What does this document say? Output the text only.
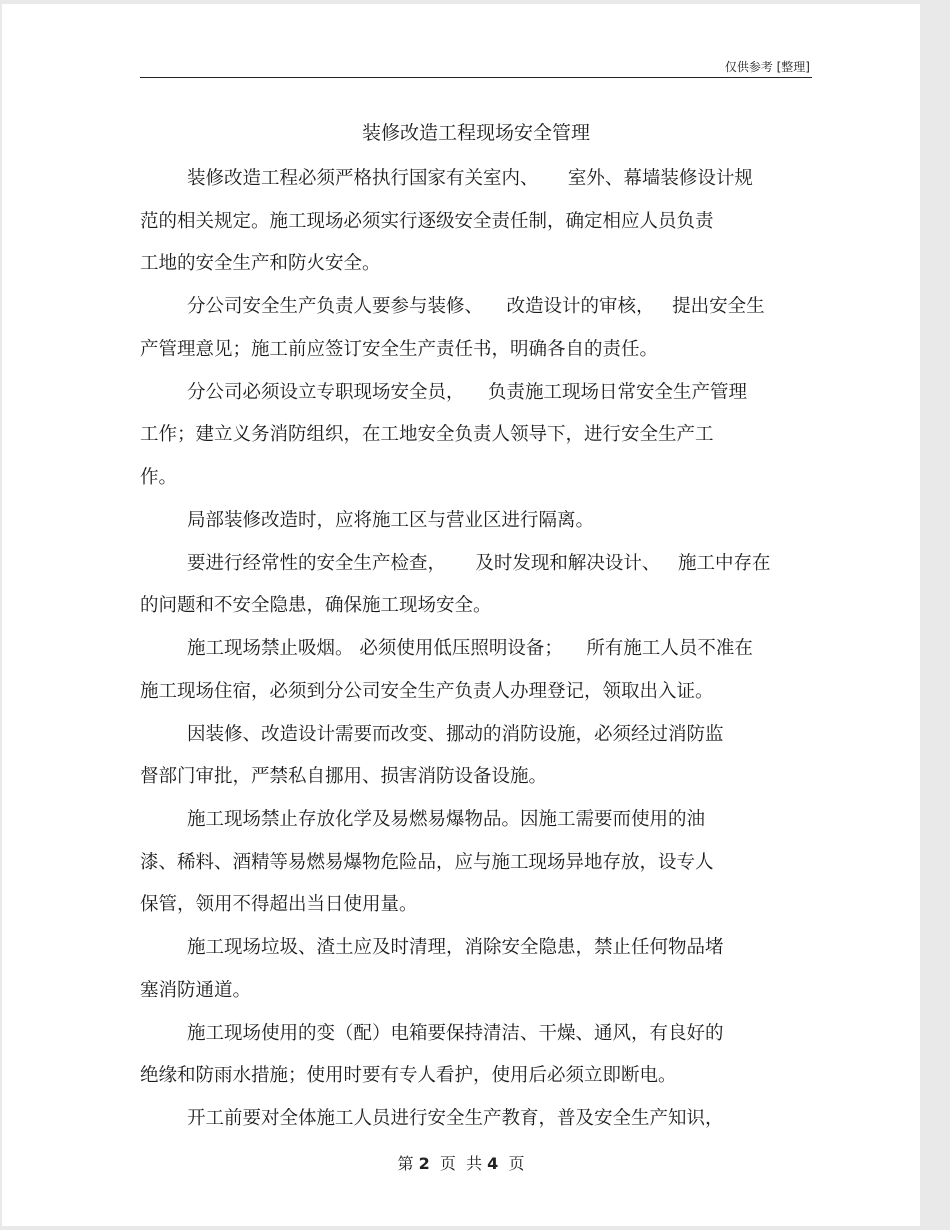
仅供参考 [整理]
装修改造工程现场安全管理
装修改造工程必须严格执行国家有关室内、     室外、幕墙装修设计规
范的相关规定。施工现场必须实行逐级安全责任制，确定相应人员负责
工地的安全生产和防火安全。
分公司安全生产负责人要参与装修、    改造设计的审核，   提出安全生
产管理意见；施工前应签订安全生产责任书，明确各自的责任。
分公司必须设立专职现场安全员，    负责施工现场日常安全生产管理
工作；建立义务消防组织，在工地安全负责人领导下，进行安全生产工
作。
局部装修改造时，应将施工区与营业区进行隔离。
要进行经常性的安全生产检查，     及时发现和解决设计、   施工中存在
的问题和不安全隐患，确保施工现场安全。
施工现场禁止吸烟。 必须使用低压照明设备；    所有施工人员不准在
施工现场住宿，必须到分公司安全生产负责人办理登记，领取出入证。
因装修、改造设计需要而改变、挪动的消防设施，必须经过消防监
督部门审批，严禁私自挪用、损害消防设备设施。
施工现场禁止存放化学及易燃易爆物品。因施工需要而使用的油
漆、稀料、酒精等易燃易爆物危险品，应与施工现场异地存放，设专人
保管，领用不得超出当日使用量。
施工现场垃圾、渣土应及时清理，消除安全隐患，禁止任何物品堵
塞消防通道。
施工现场使用的变（配）电箱要保持清洁、干燥、通风，有良好的
绝缘和防雨水措施；使用时要有专人看护，使用后必须立即断电。
开工前要对全体施工人员进行安全生产教育，普及安全生产知识，
第 2  页  共 4  页
